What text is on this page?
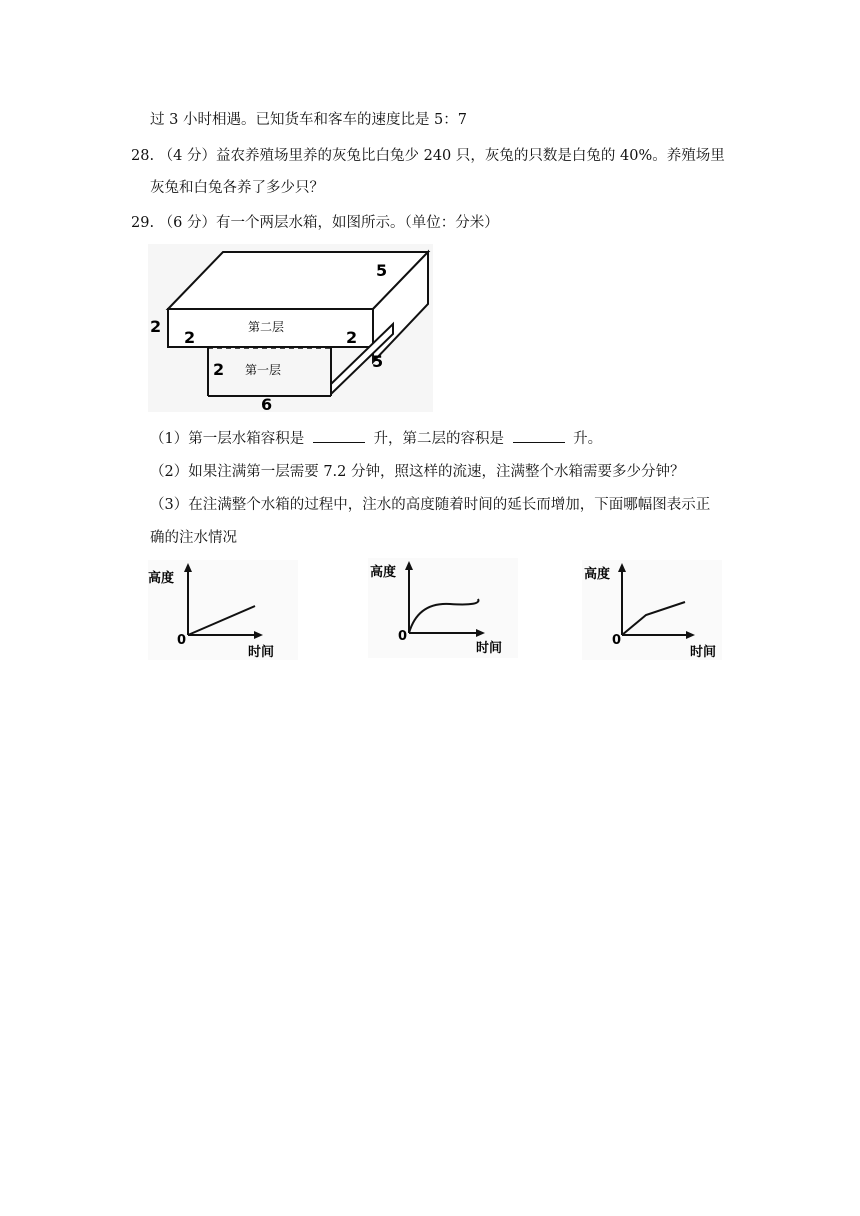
过 3 小时相遇。已知货车和客车的速度比是 5：7
28. （4 分）益农养殖场里养的灰兔比白兔少 240 只，灰兔的只数是白兔的 40%。养殖场里
灰兔和白兔各养了多少只？
29. （6 分）有一个两层水箱，如图所示。（单位：分米）
5
2
2
第二层
2
2 第一层	5
6
（1）第一层水箱容积是	升，第二层的容积是	升。
（2）如果注满第一层需要 7.2 分钟，照这样的流速，注满整个水箱需要多少分钟？
（3）在注满整个水箱的过程中，注水的高度随着时间的延长而增加，下面哪幅图表示正
确的注水情况
高度
0
时间
高度
0
时间
高度
0
时间
